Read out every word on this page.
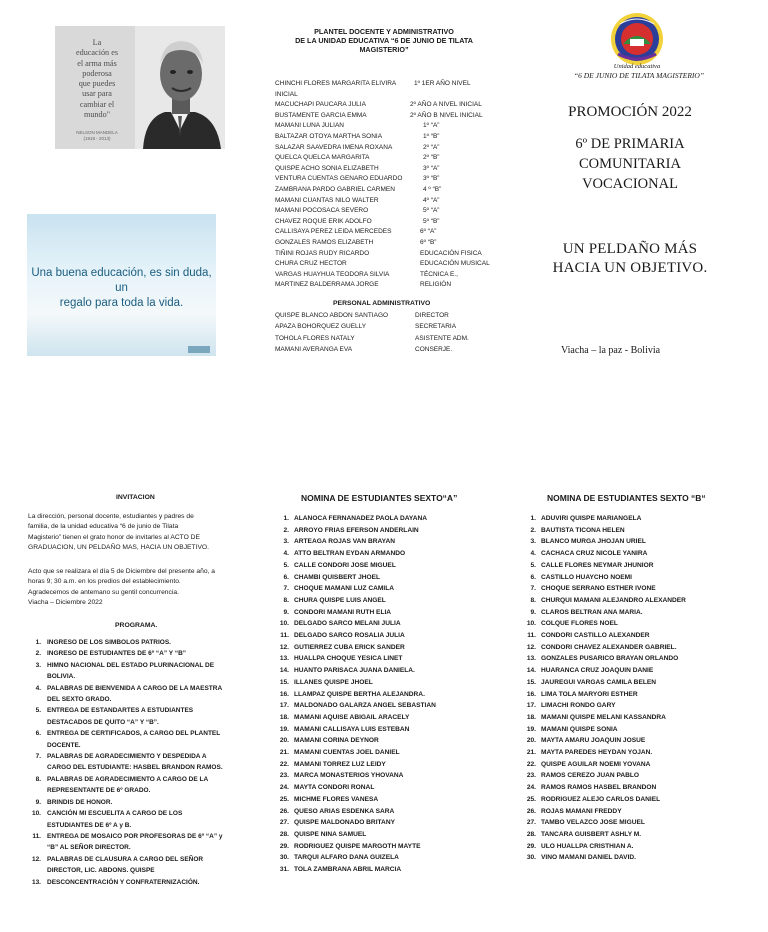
La
educación es
el arma más
poderosa
que puedes
usar para
cambiar el
mundo"
NELSON MANDELA
(1918 - 2013)
Una buena educación, es sin duda, un
regalo para toda la vida.

PLANTEL DOCENTE Y ADMINISTRATIVO
DE LA UNIDAD EDUCATIVA “6 DE JUNIO DE TILATA
MAGISTERIO”
PERSONAL ADMINISTRATIVO
Unidad educativa
“6 DE JUNIO DE TILATA MAGISTERIO”
PROMOCIÓN 2022
6º DE PRIMARIA
COMUNITARIA
VOCACIONAL
UN PELDAÑO MÁS
HACIA UN OBJETIVO.
Viacha – la paz - Bolivia
INVITACION
La dirección, personal docente, estudiantes y padres de
familia, de la unidad educativa “6 de junio de Tilata
Magisterio” tienen el grato honor de invitarles al ACTO DE
GRADUACION, UN PELDAÑO MAS, HACIA UN OBJETIVO.
Acto que se realizara el día 5 de Diciembre del presente año, a
horas 9; 30 a.m. en los predios del establecimiento.
Agradecemos de antemano su gentil concurrencia.
Viacha – Diciembre 2022
PROGRAMA.
1. INGRESO DE LOS SIMBOLOS PATRIOS.
2. INGRESO DE ESTUDIANTES DE 6º “A” Y “B”
3. HIMNO NACIONAL DEL ESTADO PLURINACIONAL DE
BOLIVIA.
4. PALABRAS DE BIENVENIDA A CARGO DE LA MAESTRA
DEL SEXTO GRADO.
5. ENTREGA DE ESTANDARTES A ESTUDIANTES
DESTACADOS DE QUITO “A” Y “B”.
6. ENTREGA DE CERTIFICADOS, A CARGO DEL PLANTEL
DOCENTE.
7. PALABRAS DE AGRADECIMIENTO Y DESPEDIDA A
CARGO DEL ESTUDIANTE: HASBEL BRANDON RAMOS.
8. PALABRAS DE AGRADECIMIENTO A CARGO DE LA
REPRESENTANTE DE 6º GRADO.
9. BRINDIS DE HONOR.
10. CANCIÓN MI ESCUELITA A CARGO DE LOS
ESTUDIANTES DE 6º A y B.
11. ENTREGA DE MOSAICO POR PROFESORAS DE 6º “A” y
“B” AL SEÑOR DIRECTOR.
12. PALABRAS DE CLAUSURA A CARGO DEL SEÑOR
DIRECTOR, LIC. ABDONS. QUISPE
13. DESCONCENTRACIÓN Y CONFRATERNIZACIÓN.
NOMINA DE ESTUDIANTES SEXTO“A”
1. ALANOCA FERNANADEZ PAOLA DAYANA
2. ARROYO FRIAS EFERSON ANDERLAIN
3. ARTEAGA ROJAS VAN BRAYAN
4. ATTO BELTRAN EYDAN ARMANDO
5. CALLE CONDORI JOSE MIGUEL
6. CHAMBI QUISBERT JHOEL
7. CHOQUE MAMANI LUZ CAMILA
8. CHURA QUISPE LUIS ANGEL
9. CONDORI MAMANI RUTH ELIA
10. DELGADO SARCO MELANI JULIA
11. DELGADO SARCO ROSALIA JULIA
12. GUTIERREZ CUBA ERICK SANDER
13. HUALLPA CHOQUE YESICA LINET
14. HUANTO PARISACA JUANA DANIELA.
15. ILLANES QUISPE JHOEL
16. LLAMPAZ QUISPE BERTHA ALEJANDRA.
17. MALDONADO GALARZA ANGEL SEBASTIAN
18. MAMANI AQUISE ABIGAIL ARACELY
19. MAMANI CALLISAYA LUIS ESTEBAN
20. MAMANI CORINA DEYNOR
21. MAMANI CUENTAS JOEL DANIEL
22. MAMANI TORREZ LUZ LEIDY
23. MARCA MONASTERIOS YHOVANA
24. MAYTA CONDORI RONAL
25. MICHME FLORES VANESA
26. QUESO ARIAS ESDENKA SARA
27. QUISPE MALDONADO BRITANY
28. QUISPE NINA SAMUEL
29. RODRIGUEZ QUISPE MARGOTH MAYTE
30. TARQUI ALFARO DANA GUIZELA
31. TOLA ZAMBRANA ABRIL MARCIA
NOMINA DE ESTUDIANTES SEXTO “B“
1. ADUVIRI QUISPE MARIANGELA
2. BAUTISTA TICONA HELEN
3. BLANCO MURGA JHOJAN URIEL
4. CACHACA CRUZ NICOLE YANIRA
5. CALLE FLORES NEYMAR JHUNIOR
6. CASTILLO HUAYCHO NOEMI
7. CHOQUE SERRANO ESTHER IVONE
8. CHURQUI MAMANI ALEJANDRO ALEXANDER
9. CLAROS BELTRAN ANA MARIA.
10. COLQUE FLORES NOEL
11. CONDORI CASTILLO ALEXANDER
12. CONDORI CHAVEZ ALEXANDER GABRIEL.
13. GONZALES PUSARICO BRAYAN ORLANDO
14. HUARANCA CRUZ JOAQUIN DANIE
15. JAUREGUI VARGAS CAMILA BELEN
16. LIMA TOLA MARYORI ESTHER
17. LIMACHI RONDO GARY
18. MAMANI QUISPE MELANI KASSANDRA
19. MAMANI QUISPE SONIA
20. MAYTA AMARU JOAQUIN JOSUE
21. MAYTA PAREDES HEYDAN YOJAN.
22. QUISPE AGUILAR NOEMI YOVANA
23. RAMOS CEREZO JUAN PABLO
24. RAMOS RAMOS HASBEL BRANDON
25. RODRIGUEZ ALEJO CARLOS DANIEL
26. ROJAS MAMANI FREDDY
27. TAMBO VELAZCO JOSE MIGUEL
28. TANCARA GUISBERT ASHLY M.
29. ULO HUALLPA CRISTHIAN A.
30. VINO MAMANI DANIEL DAVID.
CHINCHI FLORES MARGARITA ELIVIRA	1º 1ER AÑO NIVEL
INICIAL
MACUCHAPI PAUCARA JULIA	2º AÑO A NIVEL INICIAL
BUSTAMENTE GARCIA EMMA	2º AÑO B NIVEL INICIAL
MAMANI LUNA JULIAN	1º “A”
BALTAZAR OTOYA MARTHA SONIA	1º “B”
SALAZAR SAAVEDRA IMENA ROXANA	2º “A”
QUELCA QUELCA MARGARITA	2º “B”
QUISPE ACHO SONIA ELIZABETH	3º “A”
VENTURA CUENTAS GENARO EDUARDO	3º “B”
ZAMBRANA PARDO GABRIEL CARMEN	4 º “B”
MAMANI CUANTAS NILO WALTER	4º “A”
MAMANI POCOSACA SEVERO	5º “A”
CHAVEZ ROQUE ERIK ADOLFO	5º “B”
CALLISAYA PEREZ LEIDA MERCEDES	6º “A”
GONZALES RAMOS ELIZABETH	6º “B”
TIÑINI ROJAS RUDY RICARDO	EDUCACIÓN FISICA
CHURA CRUZ HECTOR	EDUCACIÓN MUSICAL
VARGAS HUAYHUA TEODORA SILVIA	TÉCNICA E.,
MARTINEZ BALDERRAMA JORGE	RELIGIÓN
QUISPE BLANCO ABDON SANTIAGO	DIRECTOR
APAZA BOHORQUEZ GUELLY	SECRETARIA
TOHOLA FLORES NATALY	ASISTENTE ADM.
MAMANI AVERANGA EVA	CONSERJE.
